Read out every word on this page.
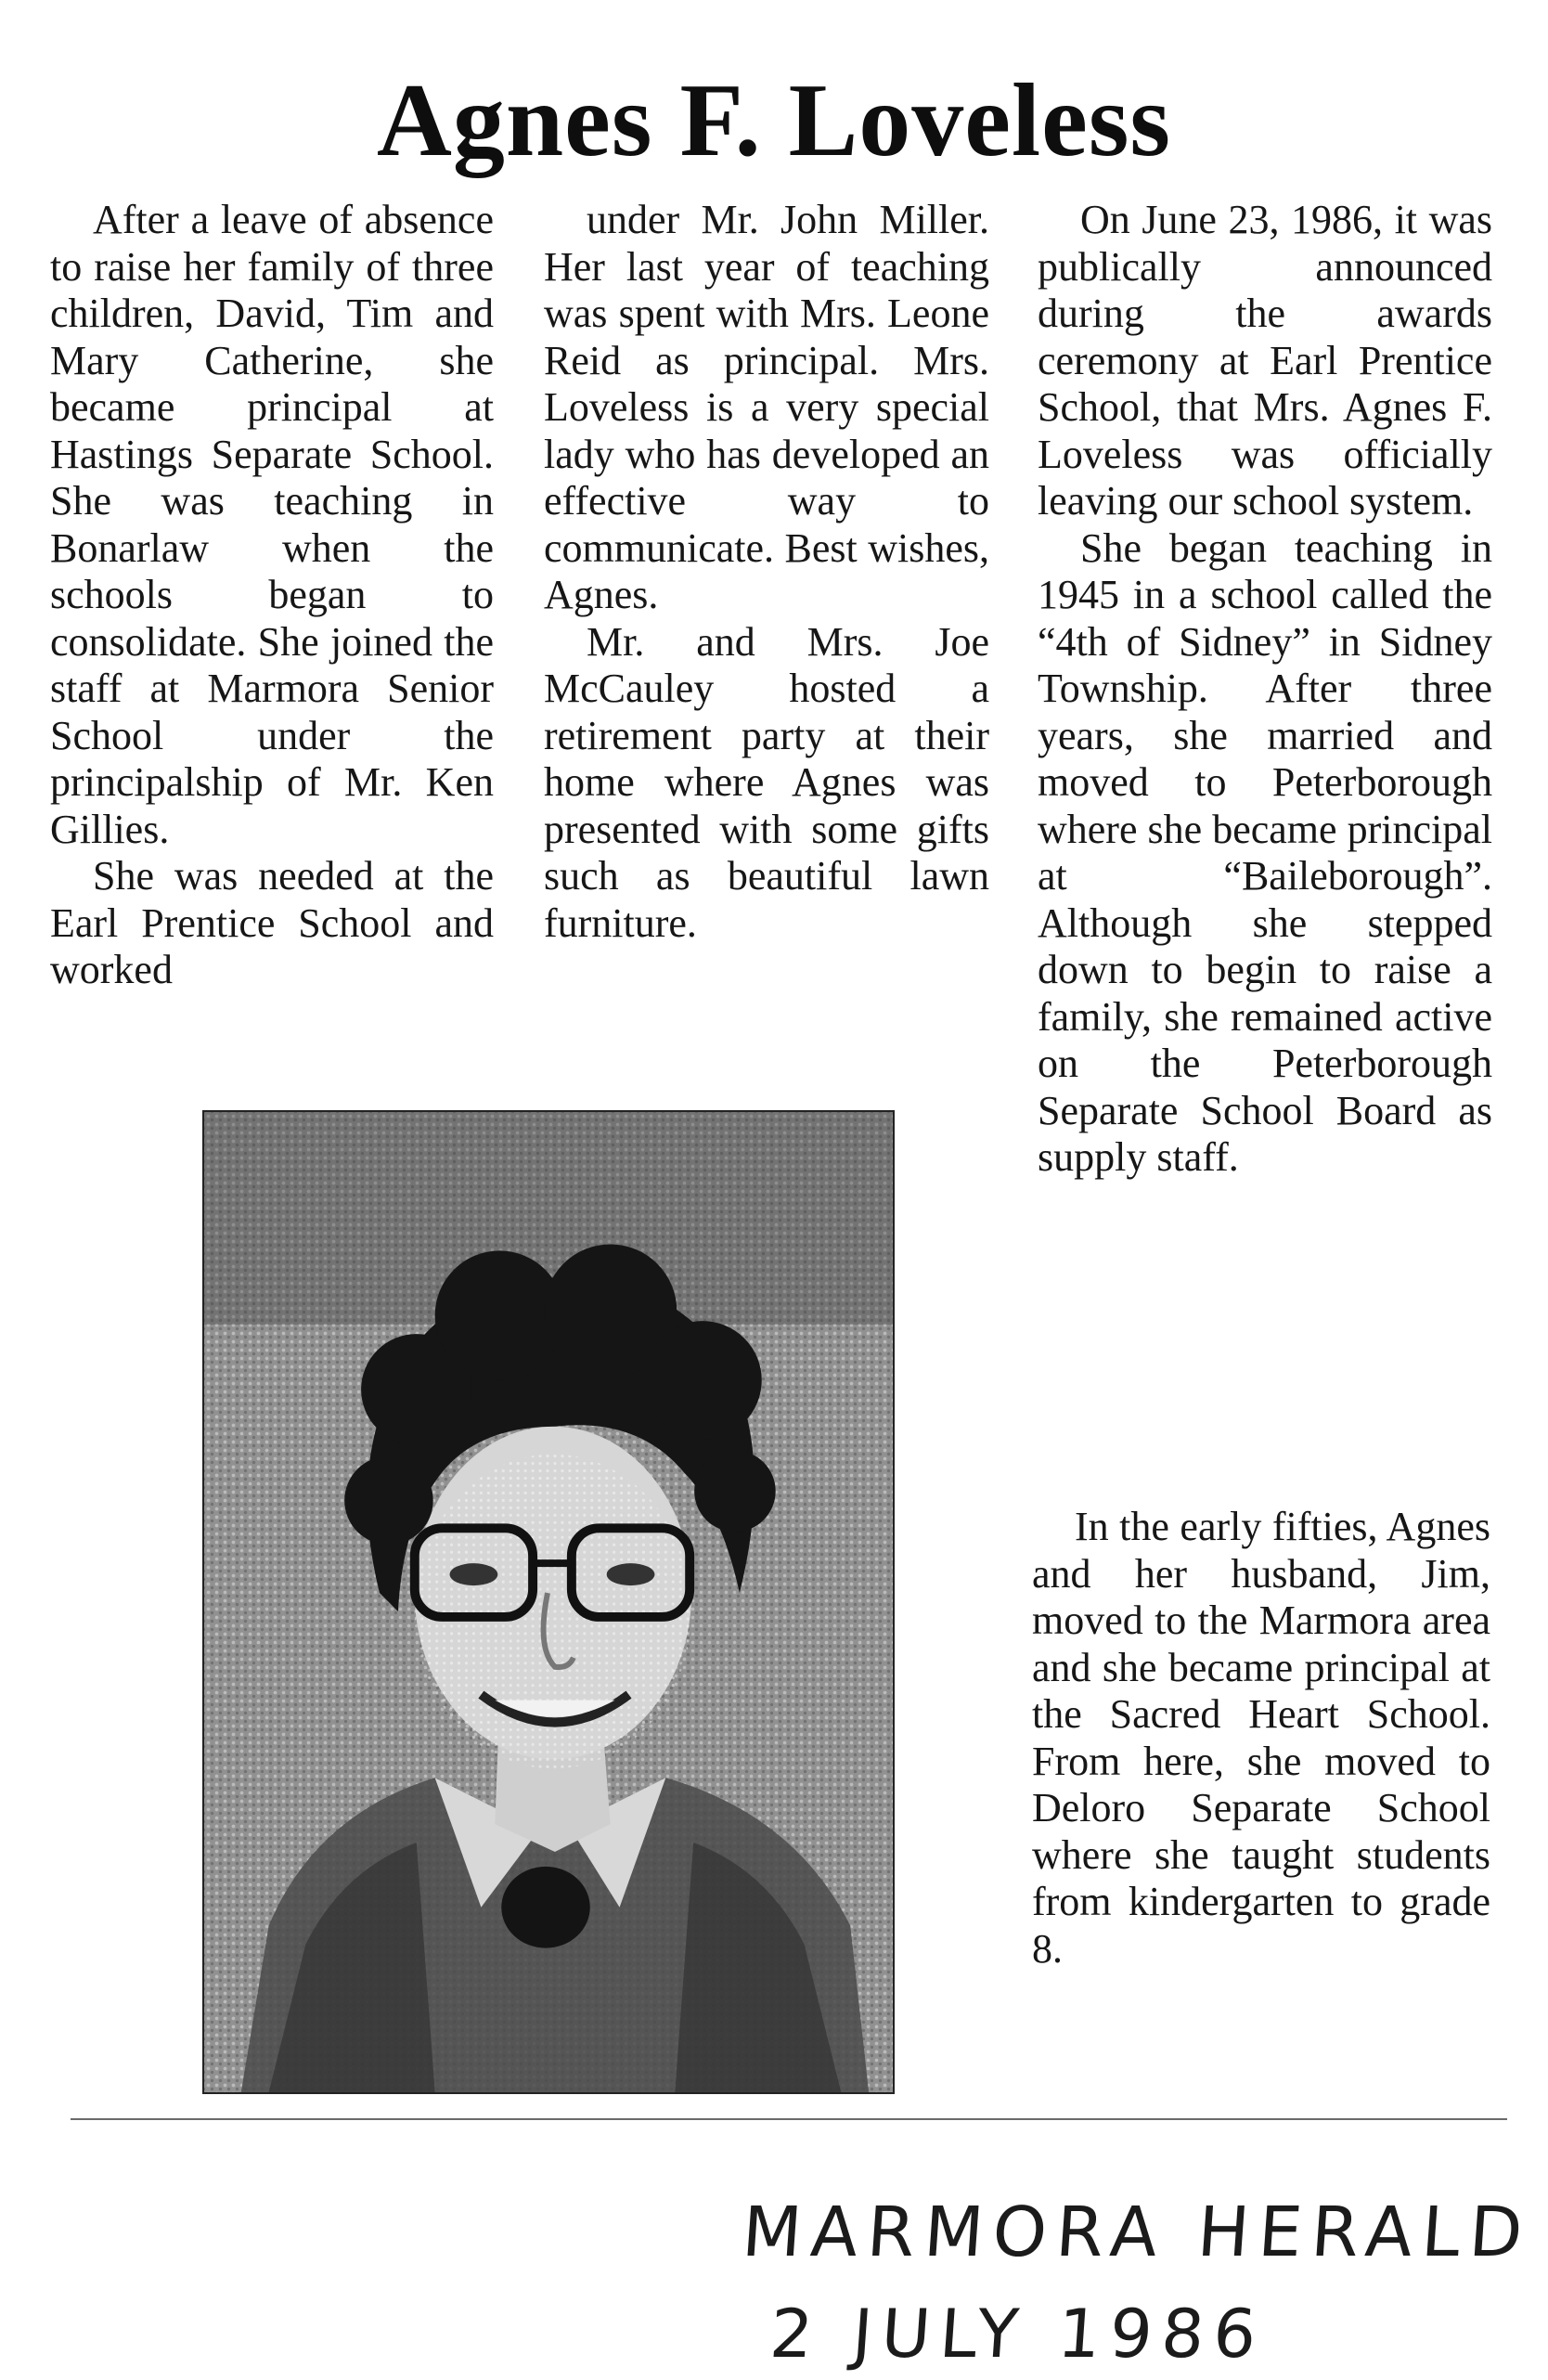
Agnes F. Loveless

After a leave of absence to raise her family of three children, David, Tim and Mary Catherine, she became principal at Hastings Separate School. She was teaching in Bonarlaw when the schools began to consolidate. She joined the staff at Marmora Senior School under the principalship of Mr. Ken Gillies.

She was needed at the Earl Prentice School and worked

under Mr. John Miller. Her last year of teaching was spent with Mrs. Leone Reid as principal. Mrs. Loveless is a very special lady who has developed an effective way to communicate. Best wishes, Agnes.

Mr. and Mrs. Joe McCauley hosted a retirement party at their home where Agnes was presented with some gifts such as beautiful lawn furniture.

On June 23, 1986, it was publically announced during the awards ceremony at Earl Prentice School, that Mrs. Agnes F. Loveless was officially leaving our school system.

She began teaching in 1945 in a school called the “4th of Sidney” in Sidney Township. After three years, she married and moved to Peterborough where she became principal at “Baileborough”. Although she stepped down to begin to raise a family, she remained active on the Peterborough Separate School Board as supply staff.

In the early fifties, Agnes and her husband, Jim, moved to the Marmora area and she became principal at the Sacred Heart School. From here, she moved to Deloro Separate School where she taught students from kindergarten to grade 8.

MARMORA HERALD
2 JULY 1986
